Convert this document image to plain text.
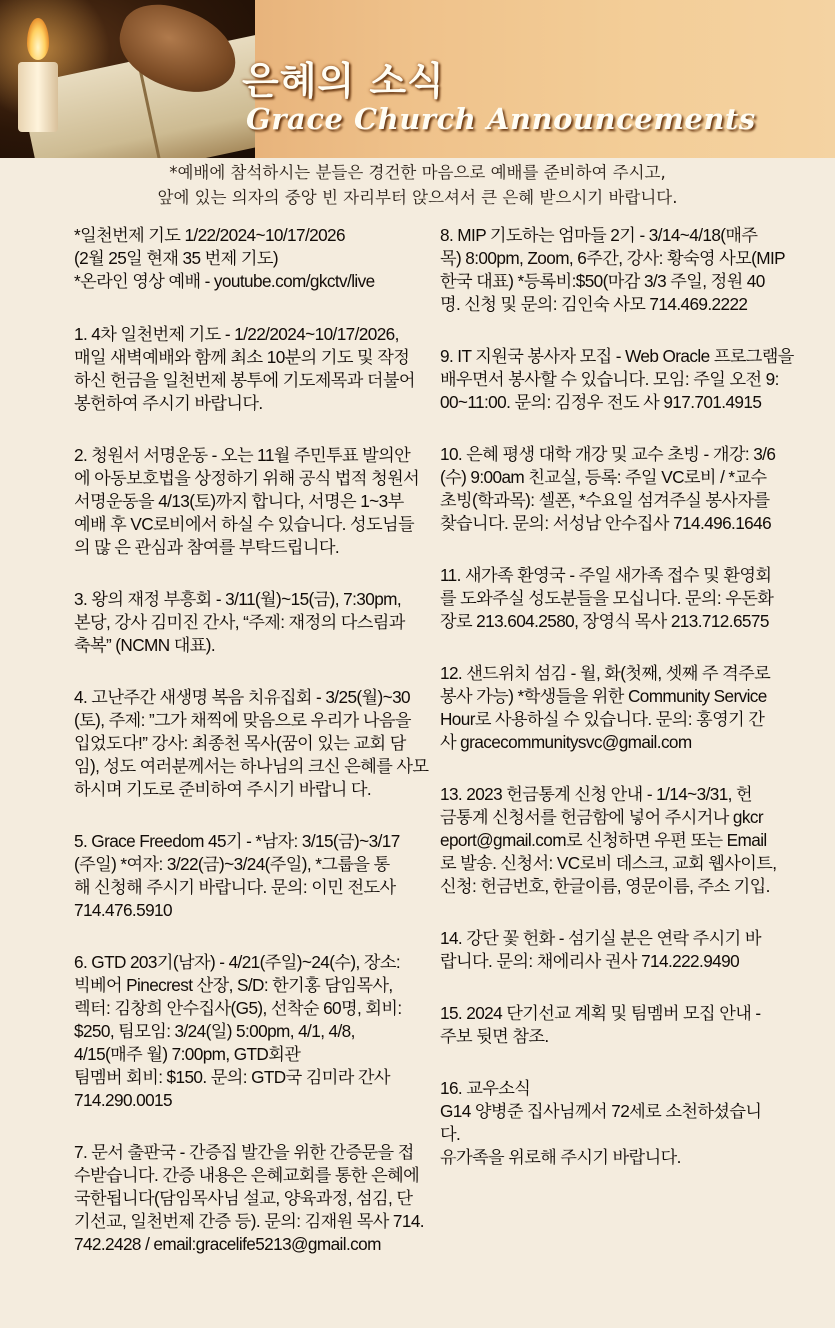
은혜의 소식
Grace Church Announcements
*예배에 참석하시는 분들은 경건한 마음으로 예배를 준비하여 주시고,
앞에 있는 의자의 중앙 빈 자리부터 앉으셔서 큰 은혜 받으시기 바랍니다.
*일천번제 기도 1/22/2024~10/17/2026
(2월 25일 현재 35 번제 기도)
*온라인 영상 예배 - youtube.com/gkctv/live
1. 4차 일천번제 기도 - 1/22/2024~10/17/2026,
매일 새벽예배와 함께 최소 10분의 기도 및 작정
하신 헌금을 일천번제 봉투에 기도제목과 더불어
봉헌하여 주시기 바랍니다.
2. 청원서 서명운동 - 오는 11월 주민투표 발의안
에 아동보호법을 상정하기 위해 공식 법적 청원서
서명운동을 4/13(토)까지 합니다, 서명은 1~3부
예배 후 VC로비에서 하실 수 있습니다. 성도님들
의 많 은 관심과 참여를 부탁드립니다.
3. 왕의 재정 부흥회 - 3/11(월)~15(금), 7:30pm,
본당, 강사 김미진 간사, “주제: 재정의 다스림과
축복” (NCMN 대표).
4. 고난주간 새생명 복음 치유집회 - 3/25(월)~30
(토), 주제: ”그가 채찍에 맞음으로 우리가 나음을
입었도다!” 강사: 최종천 목사(꿈이 있는 교회 담
임), 성도 여러분께서는 하나님의 크신 은혜를 사모
하시며 기도로 준비하여 주시기 바랍니 다.
5. Grace Freedom 45기 - *남자: 3/15(금)~3/17
(주일) *여자: 3/22(금)~3/24(주일), *그룹을 통
해 신청해 주시기 바랍니다. 문의: 이민 전도사
714.476.5910
6. GTD 203기(남자) - 4/21(주일)~24(수), 장소:
빅베어 Pinecrest 산장, S/D: 한기홍 담임목사,
렉터: 김창희 안수집사(G5), 선착순 60명, 회비:
$250, 팀모임: 3/24(일) 5:00pm, 4/1, 4/8,
4/15(매주 월) 7:00pm, GTD회관
팀멤버 회비: $150. 문의: GTD국 김미라 간사
714.290.0015
7. 문서 출판국 - 간증집 발간을 위한 간증문을 접
수받습니다. 간증 내용은 은혜교회를 통한 은혜에
국한됩니다(담임목사님 설교, 양육과정, 섬김, 단
기선교, 일천번제 간증 등). 문의: 김재원 목사 714.
742.2428 / email:gracelife5213@gmail.com
8. MIP 기도하는 엄마들 2기 - 3/14~4/18(매주
목) 8:00pm, Zoom, 6주간, 강사: 황숙영 사모(MIP
한국 대표) *등록비:$50(마감 3/3 주일, 정원 40
명. 신청 및 문의: 김인숙 사모 714.469.2222
9. IT 지원국 봉사자 모집 - Web Oracle 프로그램을
배우면서 봉사할 수 있습니다. 모임: 주일 오전 9:
00~11:00. 문의: 김정우 전도 사 917.701.4915
10. 은혜 평생 대학 개강 및 교수 초빙 - 개강: 3/6
(수) 9:00am 친교실, 등록: 주일 VC로비 / *교수
초빙(학과목): 셀폰, *수요일 섬겨주실 봉사자를
찾습니다. 문의: 서성남 안수집사 714.496.1646
11. 새가족 환영국 - 주일 새가족 접수 및 환영회
를 도와주실 성도분들을 모십니다. 문의: 우돈화
장로 213.604.2580, 장영식 목사 213.712.6575
12. 샌드위치 섬김 - 월, 화(첫째, 셋째 주 격주로
봉사 가능) *학생들을 위한 Community Service
Hour로 사용하실 수 있습니다. 문의: 홍영기 간
사 gracecommunitysvc@gmail.com
13. 2023 헌금통계 신청 안내 - 1/14~3/31, 헌
금통계 신청서를 헌금함에 넣어 주시거나 gkcr
eport@gmail.com로 신청하면 우편 또는 Email
로 발송. 신청서: VC로비 데스크, 교회 웹사이트,
신청: 헌금번호, 한글이름, 영문이름, 주소 기입.
14. 강단 꽃 헌화 - 섬기실 분은 연락 주시기 바
랍니다. 문의: 채에리사 권사 714.222.9490
15. 2024 단기선교 계획 및 팀멤버 모집 안내 -
주보 뒷면 참조.
16. 교우소식
G14 양병준 집사님께서 72세로 소천하셨습니
다.
유가족을 위로해 주시기 바랍니다.
